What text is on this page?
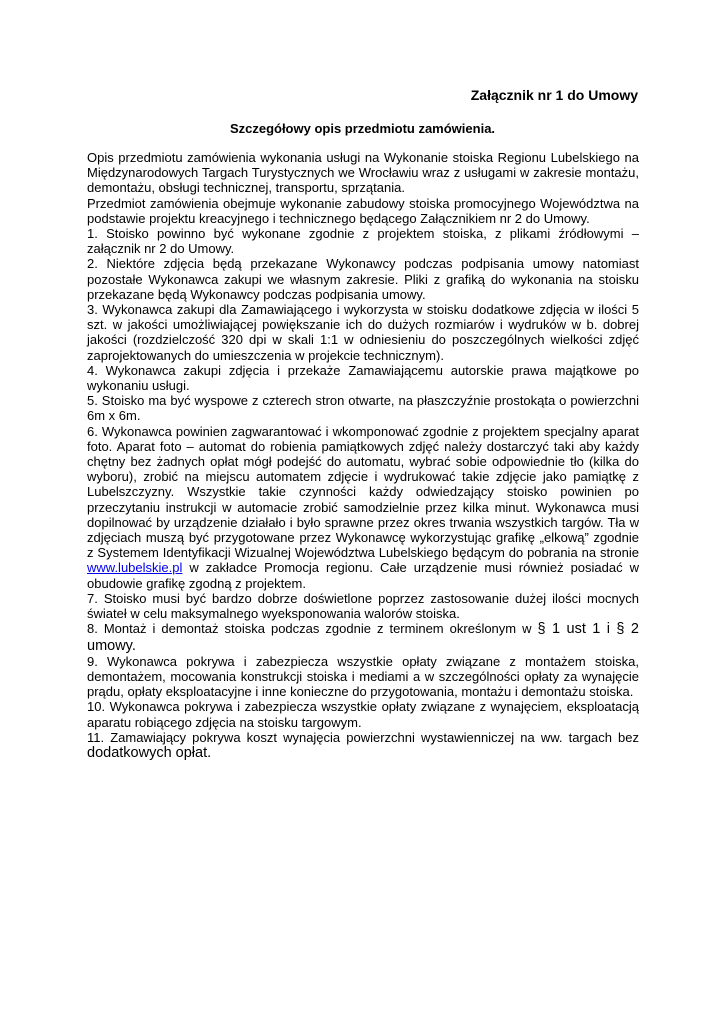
Załącznik nr 1 do Umowy
Szczegółowy opis przedmiotu zamówienia.

Opis przedmiotu zamówienia wykonania usługi na Wykonanie stoiska Regionu Lubelskiego na Międzynarodowych Targach Turystycznych we Wrocławiu wraz z usługami w zakresie montażu, demontażu, obsługi technicznej, transportu, sprzątania.

Przedmiot zamówienia obejmuje wykonanie zabudowy stoiska promocyjnego Województwa na podstawie projektu kreacyjnego i technicznego będącego Załącznikiem nr 2 do Umowy.

1. Stoisko powinno być wykonane zgodnie z projektem stoiska, z plikami źródłowymi – załącznik nr 2 do Umowy.

2. Niektóre zdjęcia będą przekazane Wykonawcy podczas podpisania umowy natomiast pozostałe Wykonawca zakupi we własnym zakresie. Pliki z grafiką do wykonania na stoisku przekazane będą Wykonawcy podczas podpisania umowy.

3. Wykonawca zakupi dla Zamawiającego i wykorzysta w stoisku dodatkowe zdjęcia w ilości 5 szt. w jakości umożliwiającej powiększanie ich do dużych rozmiarów i wydruków w b. dobrej jakości (rozdzielczość 320 dpi w skali 1:1 w odniesieniu do poszczególnych wielkości zdjęć zaprojektowanych do umieszczenia w projekcie technicznym).

4. Wykonawca zakupi zdjęcia i przekaże Zamawiającemu autorskie prawa majątkowe po wykonaniu usługi.

5. Stoisko ma być wyspowe z czterech stron otwarte, na płaszczyźnie prostokąta o powierzchni 6m x 6m.

6. Wykonawca powinien zagwarantować i wkomponować zgodnie z projektem specjalny aparat foto. Aparat foto – automat do robienia pamiątkowych zdjęć należy dostarczyć taki aby każdy chętny bez żadnych opłat mógł podejść do automatu, wybrać sobie odpowiednie tło (kilka do wyboru), zrobić na miejscu automatem zdjęcie i wydrukować takie zdjęcie jako pamiątkę z Lubelszczyzny. Wszystkie takie czynności każdy odwiedzający stoisko powinien po przeczytaniu instrukcji w automacie zrobić samodzielnie przez kilka minut. Wykonawca musi dopilnować by urządzenie działało i było sprawne przez okres trwania wszystkich targów. Tła w zdjęciach muszą być przygotowane przez Wykonawcę wykorzystując grafikę „elkową” zgodnie z Systemem Identyfikacji Wizualnej Województwa Lubelskiego będącym do pobrania na stronie www.lubelskie.pl w zakładce Promocja regionu. Całe urządzenie musi również posiadać w obudowie grafikę zgodną z projektem.

7. Stoisko musi być bardzo dobrze doświetlone poprzez zastosowanie dużej ilości mocnych świateł w celu maksymalnego wyeksponowania walorów stoiska.

8. Montaż i demontaż stoiska podczas zgodnie z terminem określonym w § 1 ust 1 i § 2 umowy.

9. Wykonawca pokrywa i zabezpiecza wszystkie opłaty związane z montażem stoiska, demontażem, mocowania konstrukcji stoiska i mediami a w szczególności opłaty za wynajęcie prądu, opłaty eksploatacyjne i inne konieczne do przygotowania, montażu i demontażu stoiska.

10. Wykonawca pokrywa i zabezpiecza wszystkie opłaty związane z wynajęciem, eksploatacją aparatu robiącego zdjęcia na stoisku targowym.

11. Zamawiający pokrywa koszt wynajęcia powierzchni wystawienniczej na ww. targach bez dodatkowych opłat.
